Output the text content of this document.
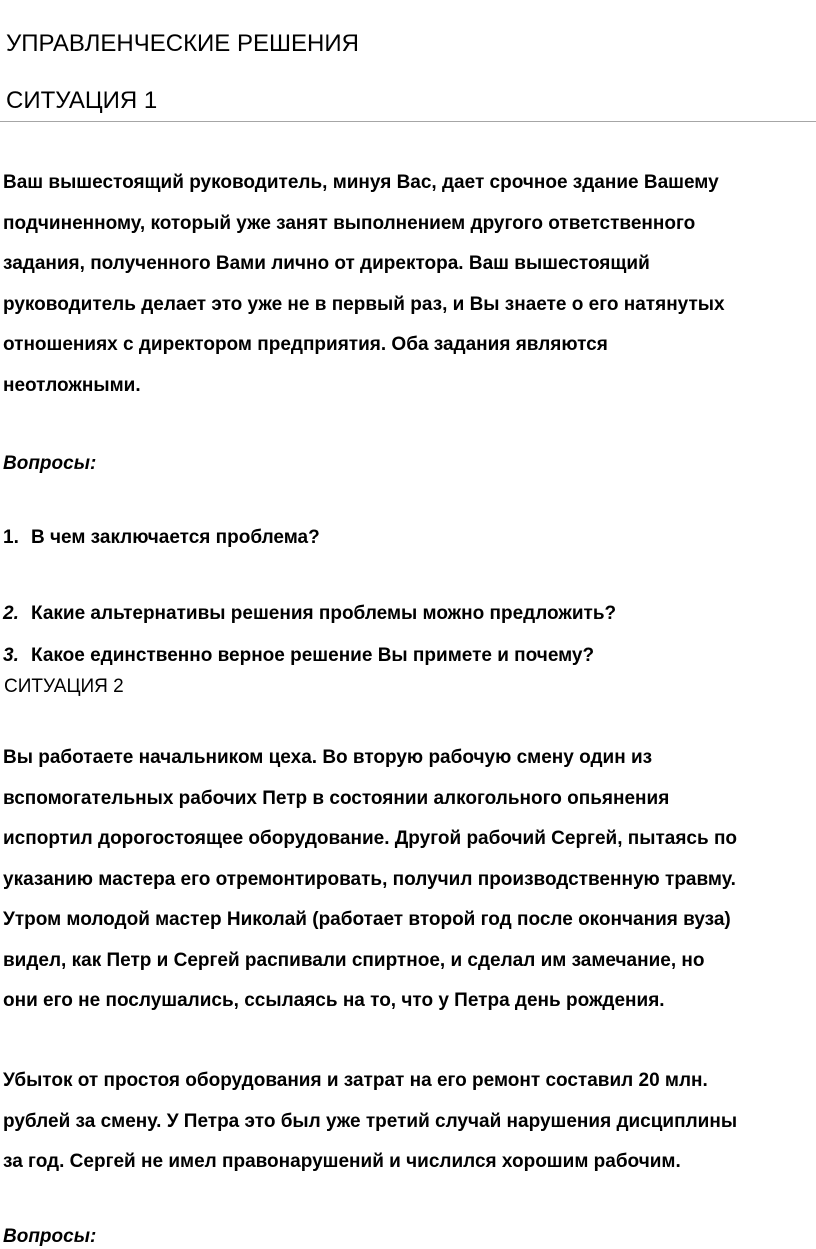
УПРАВЛЕНЧЕСКИЕ РЕШЕНИЯ
СИТУАЦИЯ 1
Ваш вышестоящий руководитель, минуя Вас, дает срочное здание Вашему
подчиненному, который уже занят выполнением другого ответственного
задания, полученного Вами лично от директора. Ваш вышестоящий
руководитель делает это уже не в первый раз, и Вы знаете о его натянутых
отношениях с директором предприятия. Оба задания являются
неотложными.

Вопросы:

1. В чем заключается проблема?

2. Какие альтернативы решения проблемы можно предложить?

3. Какое единственно верное решение Вы примете и почему?

СИТУАЦИЯ 2

Вы работаете начальником цеха. Во вторую рабочую смену один из
вспомогательных рабочих Петр в состоянии алкогольного опьянения
испортил дорогостоящее оборудование. Другой рабочий Сергей, пытаясь по
указанию мастера его отремонтировать, получил производственную травму.
Утром молодой мастер Николай (работает второй год после окончания вуза)
видел, как Петр и Сергей распивали спиртное, и сделал им замечание, но
они его не послушались, ссылаясь на то, что у Петра день рождения.
Убыток от простоя оборудования и затрат на его ремонт составил 20 млн.
рублей за смену. У Петра это был уже третий случай нарушения дисциплины
за год. Сергей не имел правонарушений и числился хорошим рабочим.

Вопросы:
